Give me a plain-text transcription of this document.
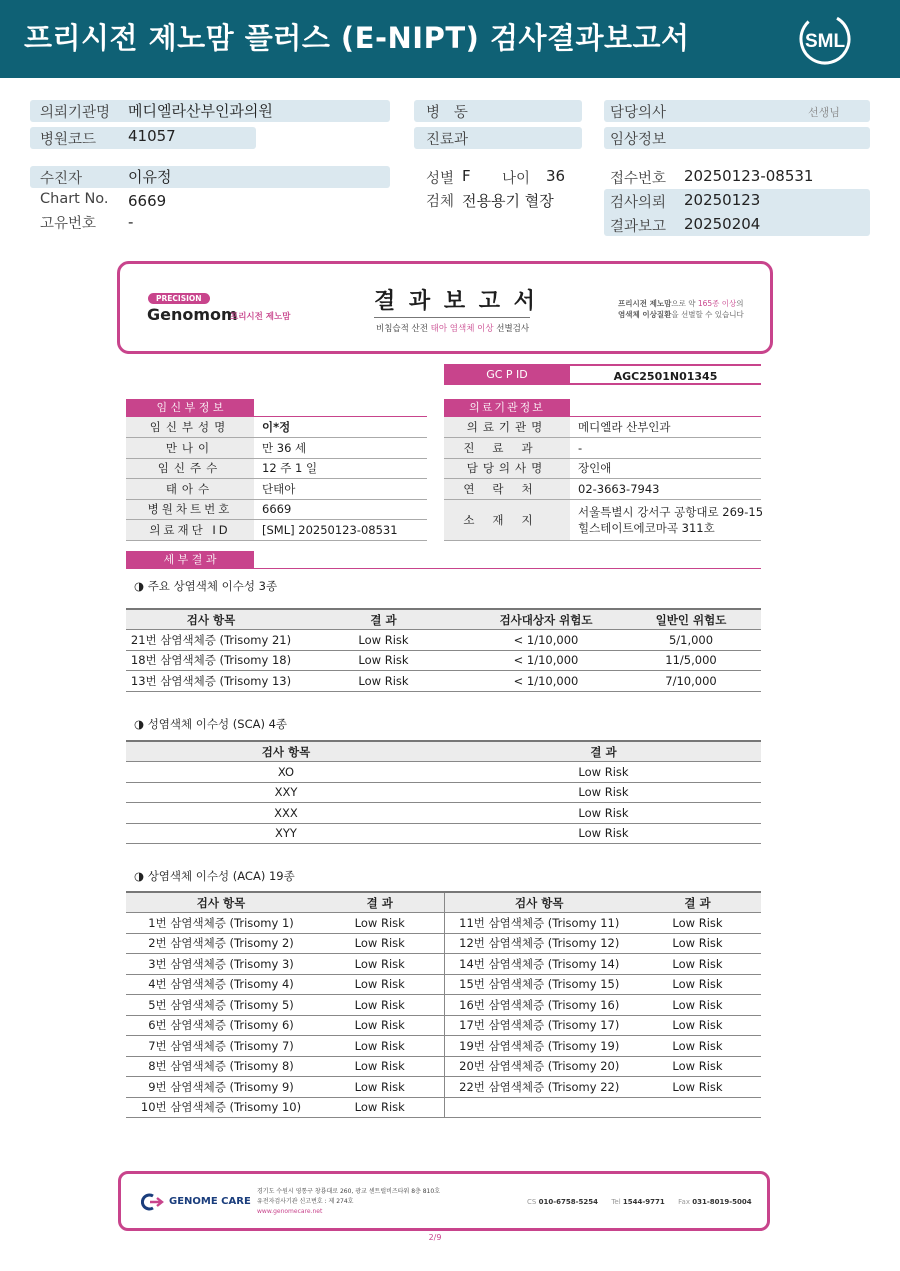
프리시전 제노맘 플러스 (E-NIPT) 검사결과보고서	SML
의뢰기관명 메디엘라산부인과의원
병원코드 41057
병   동
진료과
담당의사	선생님
임상정보
수진자	이유정
Chart No. 6669
고유번호 -
성별 F 나이 36
검체 전용용기 혈장
접수번호 20250123-08531
검사의뢰 20250123
결과보고 20250204
PRECISION
Genomom
프리시전 제노맘
결 과 보 고 서
비침습적 산전 태아 염색체 이상 선별검사
프리시전 제노맘으로 약 165종 이상의
염색체 이상질환을 선별할 수 있습니다
GC P ID	AGC2501N01345
임 신 부 정 보
임신부성명	이*정
만나이	만 36 세
임신주수	12 주 1 일
태아수	단태아
병원차트번호	6669
의료재단 ID	[SML] 20250123-08531
의료기관정보
의료기관명	메디엘라 산부인과
진료과	-
담당의사명	장인애
연락처	02-3663-7943
소재지	서울특별시 강서구 공항대로 269-15
힐스테이트에코마곡 311호
세 부 결 과
◑ 주요 상염색체 이수성 3종
검사 항목	결 과	검사대상자 위험도	일반인 위험도
21번 삼염색체증 (Trisomy 21)	Low Risk	< 1/10,000	5/1,000
18번 삼염색체증 (Trisomy 18)	Low Risk	< 1/10,000	11/5,000
13번 삼염색체증 (Trisomy 13)	Low Risk	< 1/10,000	7/10,000
◑ 성염색체 이수성 (SCA) 4종
검사 항목	결 과
XO	Low Risk
XXY	Low Risk
XXX	Low Risk
XYY	Low Risk
◑ 상염색체 이수성 (ACA) 19종
검사 항목	결 과	검사 항목	결 과
1번 삼염색체증 (Trisomy 1)	Low Risk	11번 삼염색체증 (Trisomy 11)	Low Risk
2번 삼염색체증 (Trisomy 2)	Low Risk	12번 삼염색체증 (Trisomy 12)	Low Risk
3번 삼염색체증 (Trisomy 3)	Low Risk	14번 삼염색체증 (Trisomy 14)	Low Risk
4번 삼염색체증 (Trisomy 4)	Low Risk	15번 삼염색체증 (Trisomy 15)	Low Risk
5번 삼염색체증 (Trisomy 5)	Low Risk	16번 삼염색체증 (Trisomy 16)	Low Risk
6번 삼염색체증 (Trisomy 6)	Low Risk	17번 삼염색체증 (Trisomy 17)	Low Risk
7번 삼염색체증 (Trisomy 7)	Low Risk	19번 삼염색체증 (Trisomy 19)	Low Risk
8번 삼염색체증 (Trisomy 8)	Low Risk	20번 삼염색체증 (Trisomy 20)	Low Risk
9번 삼염색체증 (Trisomy 9)	Low Risk	22번 삼염색체증 (Trisomy 22)	Low Risk
10번 삼염색체증 (Trisomy 10)	Low Risk		
GENOME CARE
경기도 수원시 영통구 창룡대로 260, 광교 센트럴비즈타워 8층 810호
유전자검사기관 신고번호 : 제 274호
www.genomecare.net
CS 010-6758-5254 Tel 1544-9771 Fax 031-8019-5004
2/9
